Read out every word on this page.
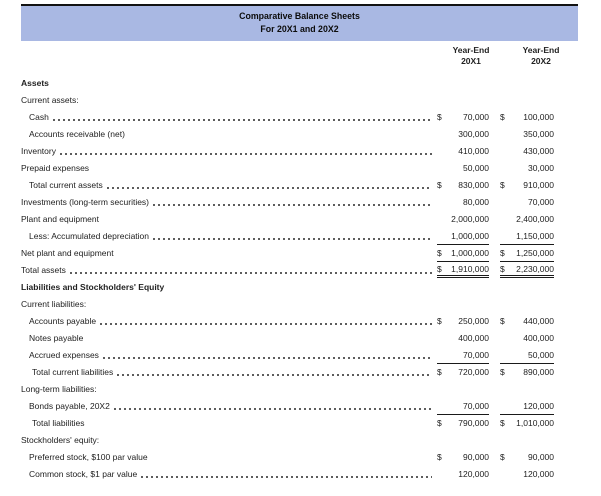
Comparative Balance Sheets
For 20X1 and 20X2
Year-End
20X1
Year-End
20X2
Assets
Current assets:
Cash	$	70,000 $ 100,000
Accounts receivable (net)	300,000	350,000
Inventory	410,000	430,000
Prepaid expenses	50,000	30,000
Total current assets	$ 830,000 $ 910,000
Investments (long-term securities)	80,000	70,000
Plant and equipment	2,000,000	2,400,000
Less: Accumulated depreciation	1,000,000	1,150,000
Net plant and equipment	$ 1,000,000 $ 1,250,000
Total assets	$ 1,910,000 $ 2,230,000
Liabilities and Stockholders' Equity
Current liabilities:
Accounts payable	$ 250,000 $ 440,000
Notes payable	400,000	400,000
Accrued expenses	70,000	50,000
Total current liabilities	$ 720,000 $ 890,000
Long-term liabilities:
Bonds payable, 20X2	70,000	120,000
Total liabilities	$ 790,000 $ 1,010,000
Stockholders' equity:
Preferred stock, $100 par value	$	90,000 $	90,000
Common stock, $1 par value	120,000	120,000
